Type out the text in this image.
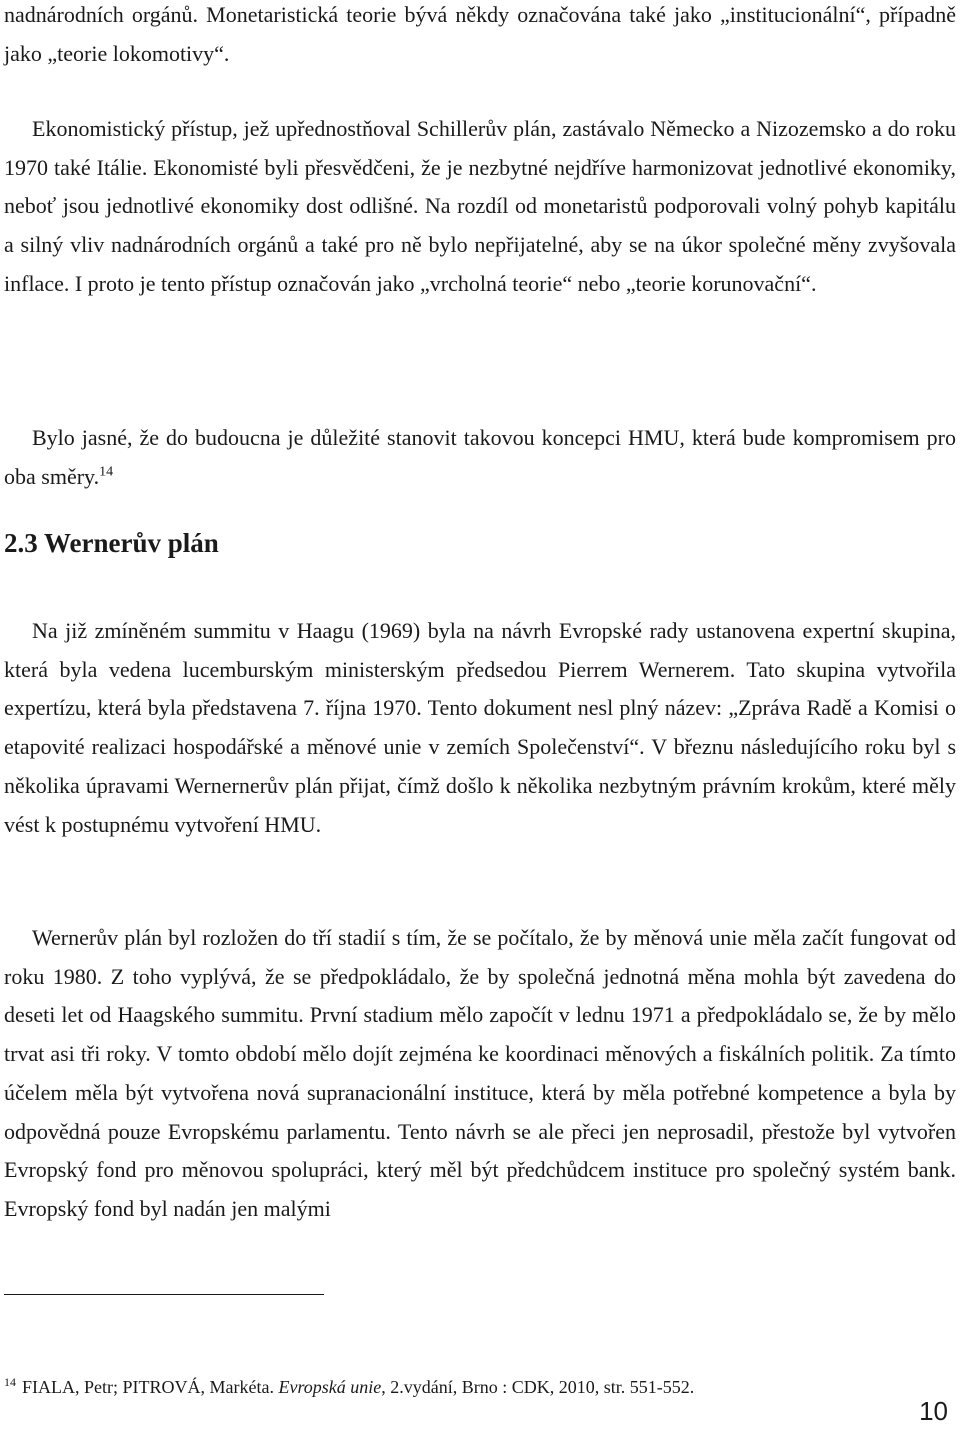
nadnárodních orgánů. Monetaristická teorie bývá někdy označována také jako „institucionální“, případně jako „teorie lokomotivy“.

Ekonomistický přístup, jež upřednostňoval Schillerův plán, zastávalo Německo a Nizozemsko a do roku 1970 také Itálie. Ekonomisté byli přesvědčeni, že je nezbytné nejdříve harmonizovat jednotlivé ekonomiky, neboť jsou jednotlivé ekonomiky dost odlišné. Na rozdíl od monetaristů podporovali volný pohyb kapitálu a silný vliv nadnárodních orgánů a také pro ně bylo nepřijatelné, aby se na úkor společné měny zvyšovala inflace. I proto je tento přístup označován jako „vrcholná teorie“ nebo „teorie korunovační“.

Bylo jasné, že do budoucna je důležité stanovit takovou koncepci HMU, která bude kompromisem pro oba směry.$^{14}$

2.3 Wernerův plán

Na již zmíněném summitu v Haagu (1969) byla na návrh Evropské rady ustanovena expertní skupina, která byla vedena lucemburským ministerským předsedou Pierrem Wernerem. Tato skupina vytvořila expertízu, která byla představena 7. října 1970. Tento dokument nesl plný název: „Zpráva Radě a Komisi o etapovité realizaci hospodářské a měnové unie v zemích Společenství“. V březnu následujícího roku byl s několika úpravami Wernernerův plán přijat, čímž došlo k několika nezbytným právním krokům, které měly vést k postupnému vytvoření HMU.

Wernerův plán byl rozložen do tří stadií s tím, že se počítalo, že by měnová unie měla začít fungovat od roku 1980. Z toho vyplývá, že se předpokládalo, že by společná jednotná měna mohla být zavedena do deseti let od Haagského summitu. První stadium mělo započít v lednu 1971 a předpokládalo se, že by mělo trvat asi tři roky. V tomto období mělo dojít zejména ke koordinaci měnových a fiskálních politik. Za tímto účelem měla být vytvořena nová supranacionální instituce, která by měla potřebné kompetence a byla by odpovědná pouze Evropskému parlamentu. Tento návrh se ale přeci jen neprosadil, přestože byl vytvořen Evropský fond pro měnovou spolupráci, který měl být předchůdcem instituce pro společný systém bank. Evropský fond byl nadán jen malými

$^{14}$ FIALA, Petr; PITROVÁ, Markéta. Evropská unie, 2.vydání, Brno : CDK, 2010, str. 551-552.

10
